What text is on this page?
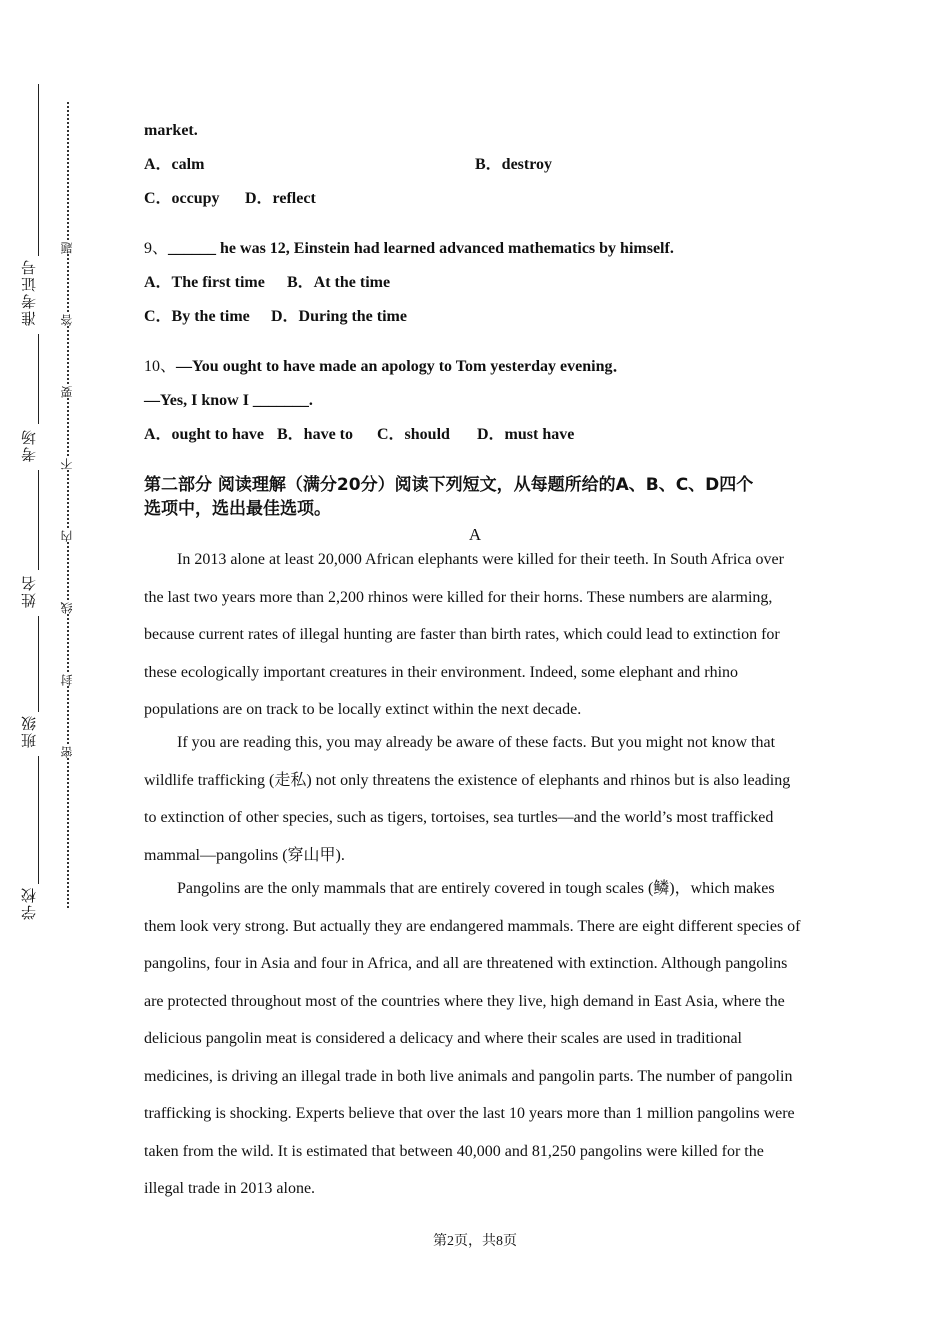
准考证号
考场
姓名
班级
学校
题
答
要
不
内
线
封
密
market.
A．calm	B．destroy
C．occupy D．reflect
9、______ he was 12, Einstein had learned advanced mathematics by himself.
A．The first time B．At the time
C．By the time D．During the time
10、—You ought to have made an apology to Tom yesterday evening．
—Yes, I know I _______.
A．ought to have B．have to C．should D．must have
第二部分 阅读理解（满分20分）阅读下列短文，从每题所给的A、B、C、D四个
选项中，选出最佳选项。
A

In 2013 alone at least 20,000 African elephants were killed for their teeth. In South Africa over the last two years more than 2,200 rhinos were killed for their horns. These numbers are alarming, because current rates of illegal hunting are faster than birth rates, which could lead to extinction for these ecologically important creatures in their environment. Indeed, some elephant and rhino populations are on track to be locally extinct within the next decade.

If you are reading this, you may already be aware of these facts. But you might not know that wildlife trafficking (走私) not only threatens the existence of elephants and rhinos but is also leading to extinction of other species, such as tigers, tortoises, sea turtles—and the world’s most trafficked mammal—pangolins (穿山甲).

Pangolins are the only mammals that are entirely covered in tough scales (鳞)，which makes them look very strong. But actually they are endangered mammals. There are eight different species of pangolins, four in Asia and four in Africa, and all are threatened with extinction. Although pangolins are protected throughout most of the countries where they live, high demand in East Asia, where the delicious pangolin meat is considered a delicacy and where their scales are used in traditional medicines, is driving an illegal trade in both live animals and pangolin parts. The number of pangolin trafficking is shocking. Experts believe that over the last 10 years more than 1 million pangolins were taken from the wild. It is estimated that between 40,000 and 81,250 pangolins were killed for the illegal trade in 2013 alone.

第2页，共8页
